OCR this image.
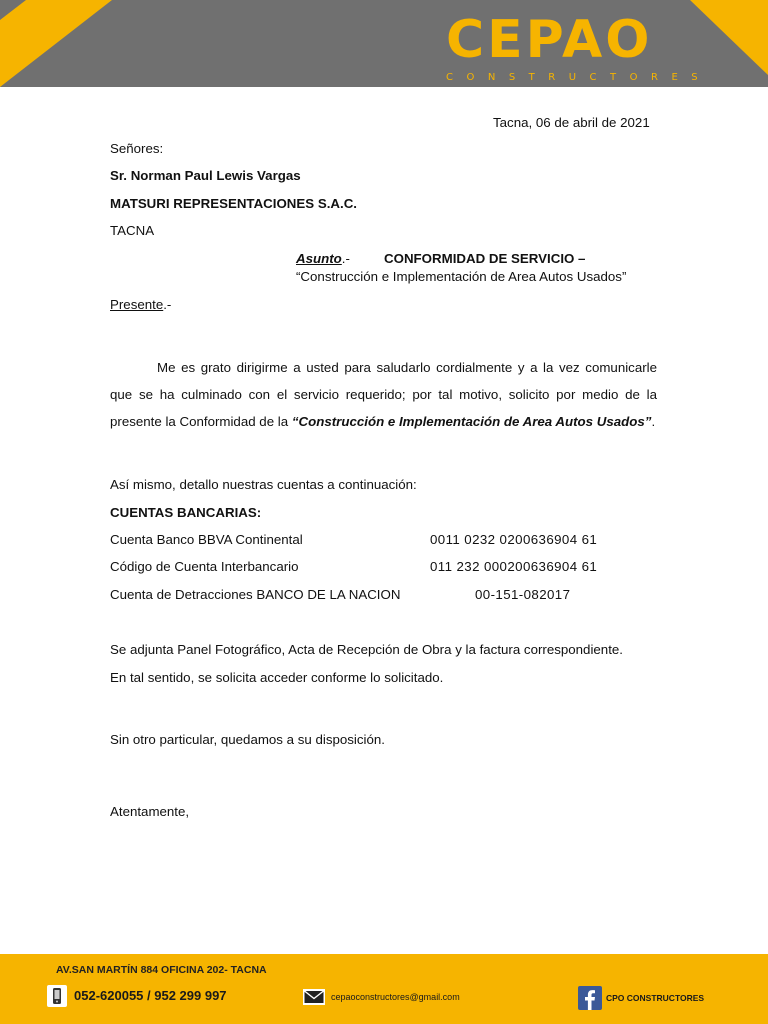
CEPAO
CONSTRUCTORES
Tacna, 06 de abril de 2021
Señores:
Sr. Norman Paul Lewis Vargas
MATSURI REPRESENTACIONES S.A.C.
TACNA
Asunto.-	CONFORMIDAD DE SERVICIO –
“Construcción e Implementación de Area Autos Usados”
Presente.-
Me es grato dirigirme a usted para saludarlo cordialmente y a la vez comunicarle que se ha culminado con el servicio requerido; por tal motivo, solicito por medio de la presente la Conformidad de la “Construcción e Implementación de Area Autos Usados”.
Así mismo, detallo nuestras cuentas a continuación:
CUENTAS BANCARIAS:
Cuenta Banco BBVA Continental	0011 0232 0200636904 61
Código de Cuenta Interbancario	011 232 000200636904 61
Cuenta de Detracciones BANCO DE LA NACION	00-151-082017
Se adjunta Panel Fotográfico, Acta de Recepción de Obra y la factura correspondiente.
En tal sentido, se solicita acceder conforme lo solicitado.
Sin otro particular, quedamos a su disposición.
Atentamente,
AV.SAN MARTÍN 884 OFICINA 202- TACNA
052-620055 / 952 299 997	cepaoconstructores@gmail.com	CPO CONSTRUCTORES
